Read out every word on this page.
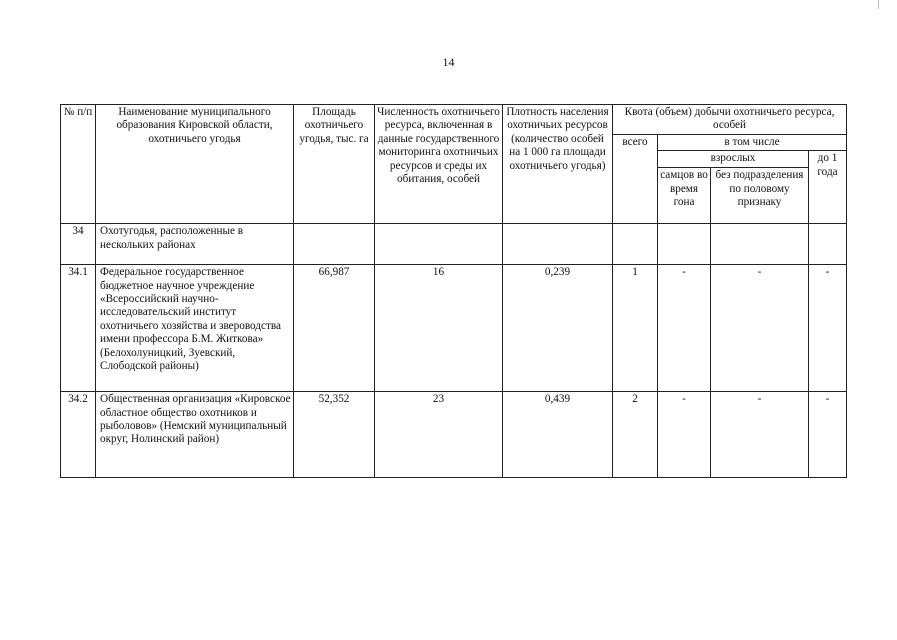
14
№ п/п	Наименование муниципального образования Кировской области, охотничьего угодья	Площадь охотничьего угодья, тыс. га	Численность охотничьего ресурса, включенная в данные государственного мониторинга охотничьих ресурсов и среды их обитания, особей	Плотность населения охотничьих ресурсов (количество особей на 1 000 га площади охотничьего угодья)	Квота (объем) добычи охотничьего ресурса, особей			
					всего	в том числе		
						взрослых		до 1 года
						самцов во время гона	без подразделения по половому признаку	
34	Охотугодья, расположенные в нескольких районах							
34.1	Федеральное государственное бюджетное научное учреждение «Всероссийский научно-исследовательский институт охотничьего хозяйства и звероводства имени профессора Б.М. Житкова» (Белохолуницкий, Зуевский, Слободской районы)	66,987	16	0,239	1	-	-	-
34.2	Общественная организация «Кировское областное общество охотников и рыболовов» (Немский муниципальный округ, Нолинский район)	52,352	23	0,439	2	-	-	-
